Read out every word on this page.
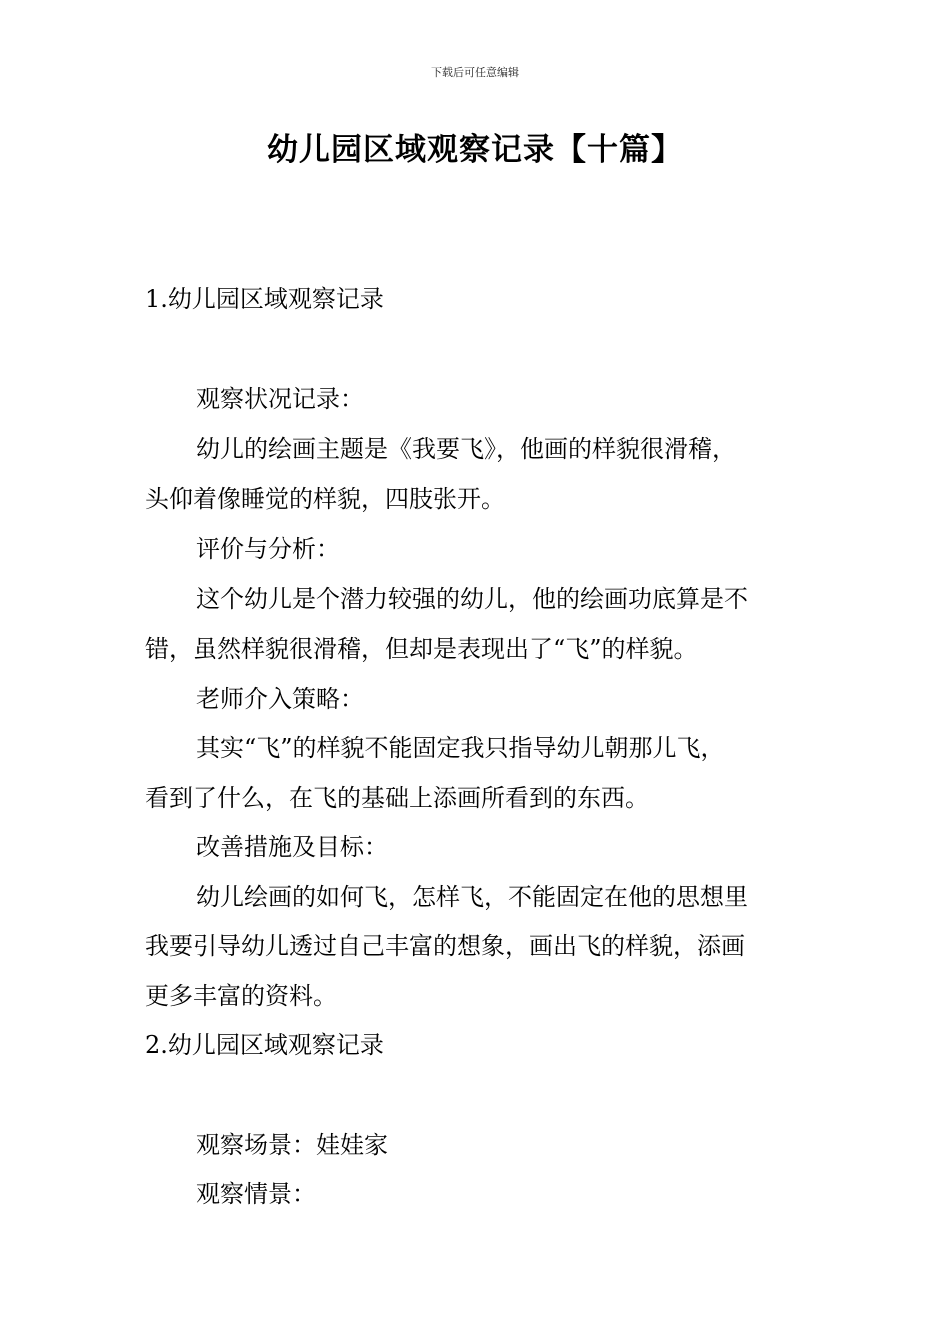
下载后可任意编辑
幼儿园区域观察记录【十篇】

1.幼儿园区域观察记录

观察状况记录：

幼儿的绘画主题是《我要飞》，他画的样貌很滑稽，

头仰着像睡觉的样貌，四肢张开。

评价与分析：

这个幼儿是个潜力较强的幼儿，他的绘画功底算是不

错，虽然样貌很滑稽，但却是表现出了“飞”的样貌。

老师介入策略：

其实“飞”的样貌不能固定我只指导幼儿朝那儿飞，

看到了什么，在飞的基础上添画所看到的东西。

改善措施及目标：

幼儿绘画的如何飞，怎样飞，不能固定在他的思想里

我要引导幼儿透过自己丰富的想象，画出飞的样貌，添画

更多丰富的资料。

2.幼儿园区域观察记录

观察场景：娃娃家

观察情景：
